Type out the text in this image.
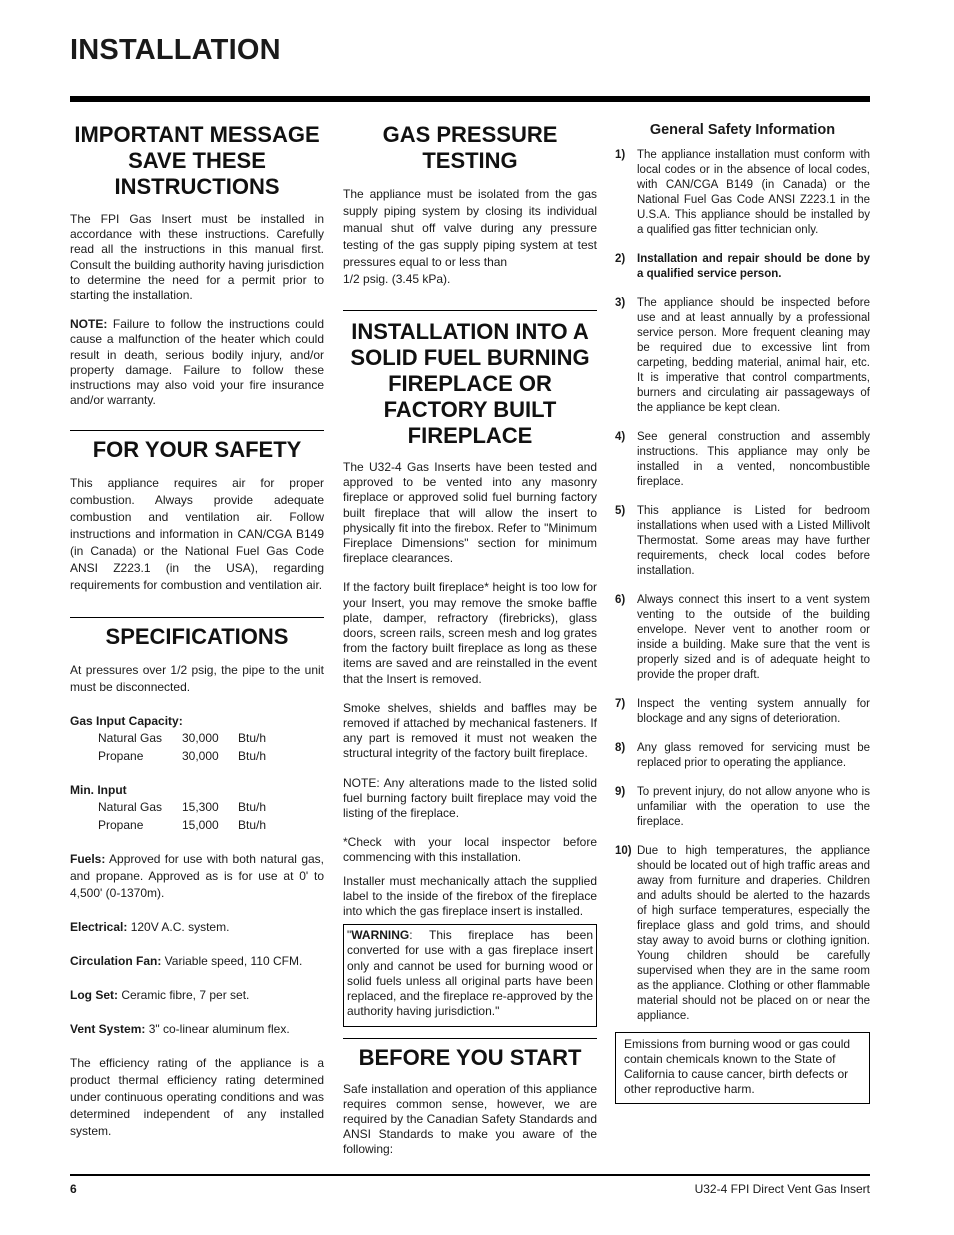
INSTALLATION
IMPORTANT MESSAGE SAVE THESE INSTRUCTIONS

The FPI Gas Insert must be installed in accordance with these instructions. Carefully read all the instructions in this manual first. Consult the building authority having jurisdiction to determine the need for a permit prior to starting the installation.

NOTE: Failure to follow the instructions could cause a malfunction of the heater which could result in death, serious bodily injury, and/or property damage. Failure to follow these instructions may also void your fire insurance and/or warranty.

FOR YOUR SAFETY

This appliance requires air for proper combustion. Always provide adequate combustion and ventilation air. Follow instructions and information in CAN/CGA B149 (in Canada) or the National Fuel Gas Code ANSI Z223.1 (in the USA), regarding requirements for combustion and ventilation air.

SPECIFICATIONS

At pressures over 1/2 psig, the pipe to the unit must be disconnected.

Gas Input Capacity:
Natural Gas	30,000	Btu/h
Propane	30,000	Btu/h
Min. Input
Natural Gas	15,300	Btu/h
Propane	15,000	Btu/h

Fuels: Approved for use with both natural gas, and propane. Approved as is for use at 0' to 4,500' (0-1370m).

Electrical: 120V A.C. system.

Circulation Fan: Variable speed, 110 CFM.

Log Set: Ceramic fibre, 7 per set.

Vent System: 3" co-linear aluminum flex.

The efficiency rating of the appliance is a product thermal efficiency rating determined under continuous operating conditions and was determined independent of any installed system.

GAS PRESSURE TESTING

The appliance must be isolated from the gas supply piping system by closing its individual manual shut off valve during any pressure testing of the gas supply piping system at test pressures equal to or less than

1/2 psig. (3.45 kPa).

INSTALLATION INTO A SOLID FUEL BURNING FIREPLACE OR FACTORY BUILT FIREPLACE

The U32-4 Gas Inserts have been tested and approved to be vented into any masonry fireplace or approved solid fuel burning factory built fireplace that will allow the insert to physically fit into the firebox. Refer to "Minimum Fireplace Dimensions" section for minimum fireplace clearances.

If the factory built fireplace* height is too low for your Insert, you may remove the smoke baffle plate, damper, refractory (firebricks), glass doors, screen rails, screen mesh and log grates from the factory built fireplace as long as these items are saved and are reinstalled in the event that the Insert is removed.

Smoke shelves, shields and baffles may be removed if attached by mechanical fasteners. If any part is removed it must not weaken the structural integrity of the factory built fireplace.

NOTE: Any alterations made to the listed solid fuel burning factory built fireplace may void the listing of the fireplace.

*Check with your local inspector before commencing with this installation.

Installer must mechanically attach the supplied label to the inside of the firebox of the fireplace into which the gas fireplace insert is installed.

"WARNING: This fireplace has been converted for use with a gas fireplace insert only and cannot be used for burning wood or solid fuels unless all original parts have been replaced, and the fireplace re-approved by the authority having jurisdiction."

BEFORE YOU START

Safe installation and operation of this appliance requires common sense, however, we are required by the Canadian Safety Standards and ANSI Standards to make you aware of the following:

General Safety Information
1)	The appliance installation must conform with local codes or in the absence of local codes, with CAN/CGA B149 (in Canada) or the National Fuel Gas Code ANSI Z223.1 in the U.S.A. This appliance should be installed by a qualified gas fitter technician only.
2)	Installation and repair should be done by a qualified service person.
3)	The appliance should be inspected before use and at least annually by a professional service person. More frequent cleaning may be required due to excessive lint from carpeting, bedding material, animal hair, etc. It is imperative that control compartments, burners and circulating air passageways of the appliance be kept clean.
4)	See general construction and assembly instructions. This appliance may only be installed in a vented, noncombustible fireplace.
5)	This appliance is Listed for bedroom installations when used with a Listed Millivolt Thermostat. Some areas may have further requirements, check local codes before installation.
6)	Always connect this insert to a vent system venting to the outside of the building envelope. Never vent to another room or inside a building. Make sure that the vent is properly sized and is of adequate height to provide the proper draft.
7)	Inspect the venting system annually for blockage and any signs of deterioration.
8)	Any glass removed for servicing must be replaced prior to operating the appliance.
9)	To prevent injury, do not allow anyone who is unfamiliar with the operation to use the fireplace.
10) Due to high temperatures, the appliance should be located out of high traffic areas and away from furniture and draperies. Children and adults should be alerted to the hazards of high surface temperatures, especially the fireplace glass and gold trims, and should stay away to avoid burns or clothing ignition. Young children should be carefully supervised when they are in the same room as the appliance. Clothing or other flammable material should not be placed on or near the appliance.

Emissions from burning wood or gas could contain chemicals known to the State of California to cause cancer, birth defects or other reproductive harm.

6	U32-4 FPI Direct Vent Gas Insert
